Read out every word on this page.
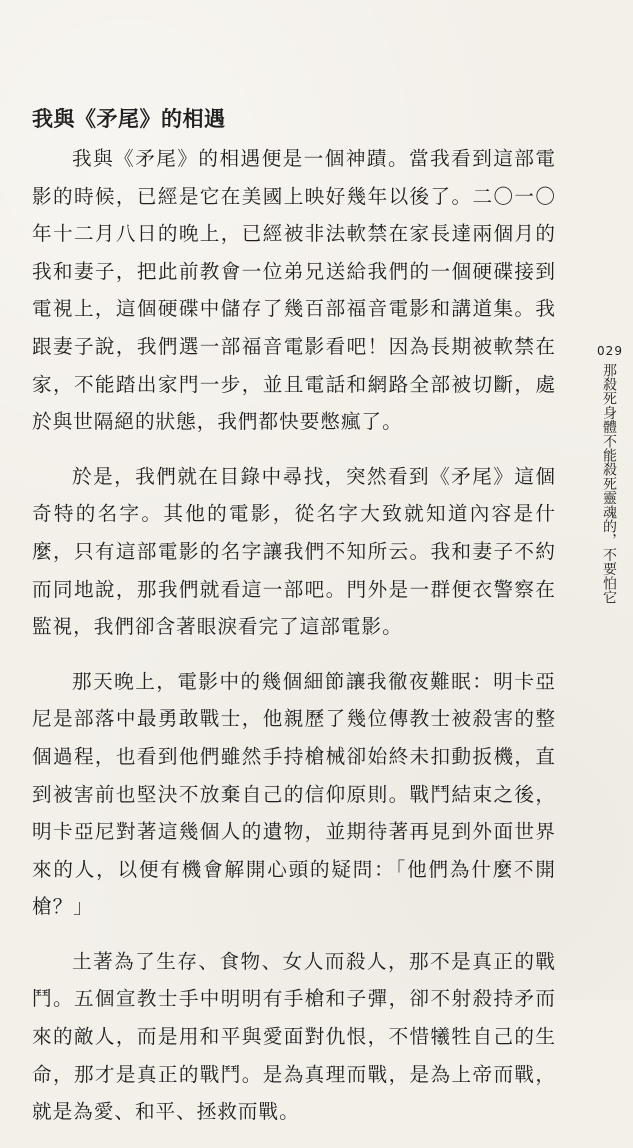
我與《矛尾》的相遇

我與《矛尾》的相遇便是一個神蹟。當我看到這部電影的時候，已經是它在美國上映好幾年以後了。二〇一〇年十二月八日的晚上，已經被非法軟禁在家長達兩個月的我和妻子，把此前教會一位弟兄送給我們的一個硬碟接到電視上，這個硬碟中儲存了幾百部福音電影和講道集。我跟妻子說，我們選一部福音電影看吧！因為長期被軟禁在家，不能踏出家門一步，並且電話和網路全部被切斷，處於與世隔絕的狀態，我們都快要憋瘋了。

於是，我們就在目錄中尋找，突然看到《矛尾》這個奇特的名字。其他的電影，從名字大致就知道內容是什麼，只有這部電影的名字讓我們不知所云。我和妻子不約而同地說，那我們就看這一部吧。門外是一群便衣警察在監視，我們卻含著眼淚看完了這部電影。

那天晚上，電影中的幾個細節讓我徹夜難眠：明卡亞尼是部落中最勇敢戰士，他親歷了幾位傳教士被殺害的整個過程，也看到他們雖然手持槍械卻始終未扣動扳機，直到被害前也堅決不放棄自己的信仰原則。戰鬥結束之後，明卡亞尼對著這幾個人的遺物，並期待著再見到外面世界來的人，以便有機會解開心頭的疑問：「他們為什麼不開槍？」

土著為了生存、食物、女人而殺人，那不是真正的戰鬥。五個宣教士手中明明有手槍和子彈，卻不射殺持矛而來的敵人，而是用和平與愛面對仇恨，不惜犧牲自己的生命，那才是真正的戰鬥。是為真理而戰，是為上帝而戰，就是為愛、和平、拯救而戰。

029
那殺死身體不能殺死靈魂的，不要怕它
